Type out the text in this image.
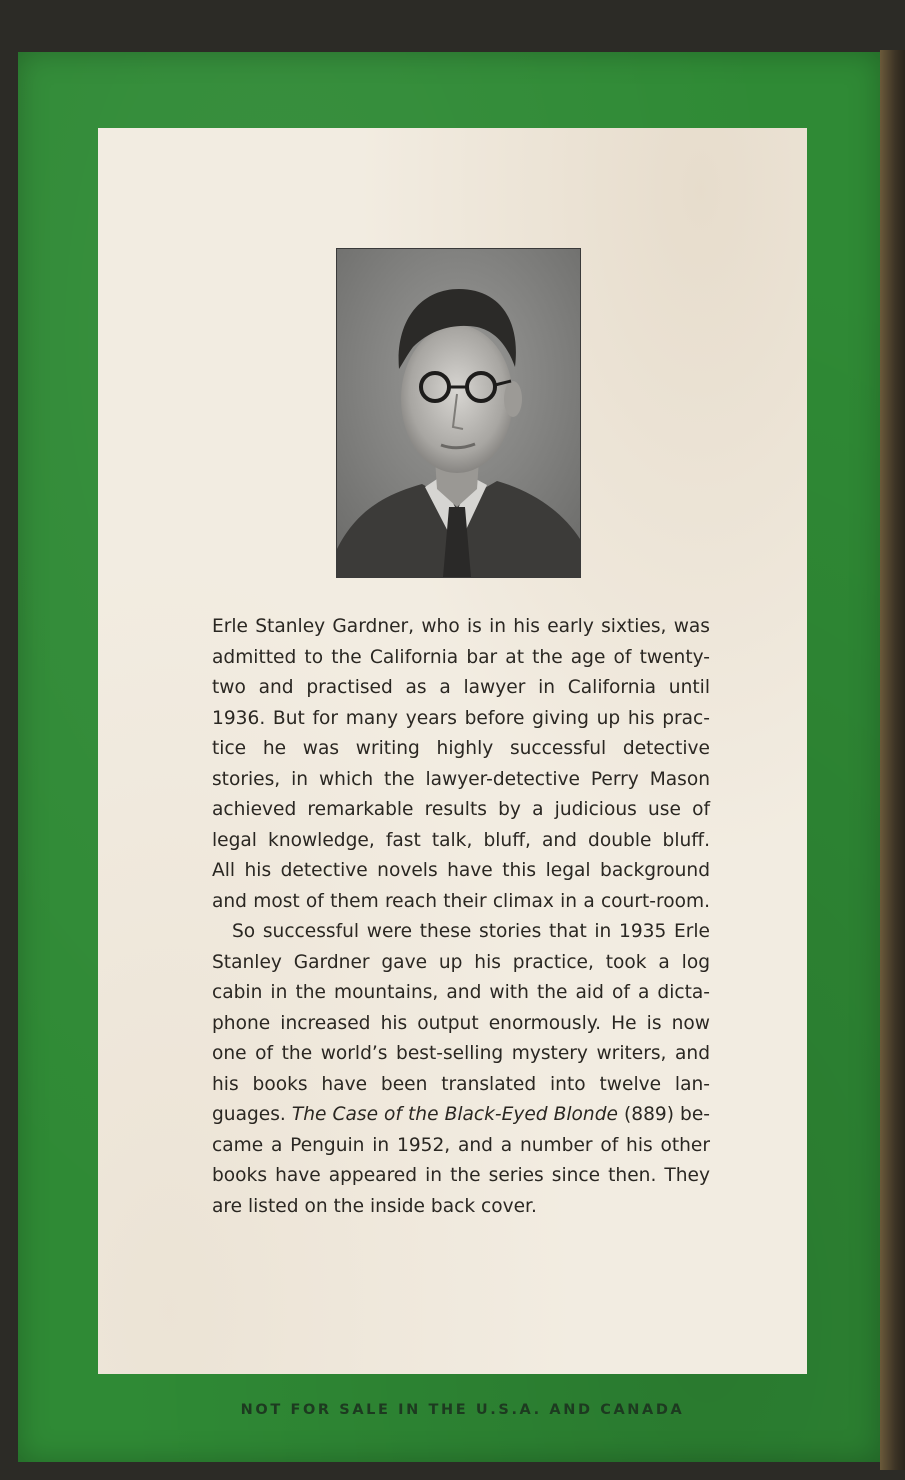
Erle Stanley Gardner, who is in his early sixties, was
admitted to the California bar at the age of twenty-
two and practised as a lawyer in California until
1936. But for many years before giving up his prac-
tice he was writing highly successful detective
stories, in which the lawyer-detective Perry Mason
achieved remarkable results by a judicious use of
legal knowledge, fast talk, bluff, and double bluff.
All his detective novels have this legal background
and most of them reach their climax in a court-room.

So successful were these stories that in 1935 Erle
Stanley Gardner gave up his practice, took a log
cabin in the mountains, and with the aid of a dicta-
phone increased his output enormously. He is now
one of the world’s best-selling mystery writers, and
his books have been translated into twelve lan-
guages. The Case of the Black-Eyed Blonde (889) be-
came a Penguin in 1952, and a number of his other
books have appeared in the series since then. They
are listed on the inside back cover.

NOT FOR SALE IN THE U.S.A. AND CANADA
